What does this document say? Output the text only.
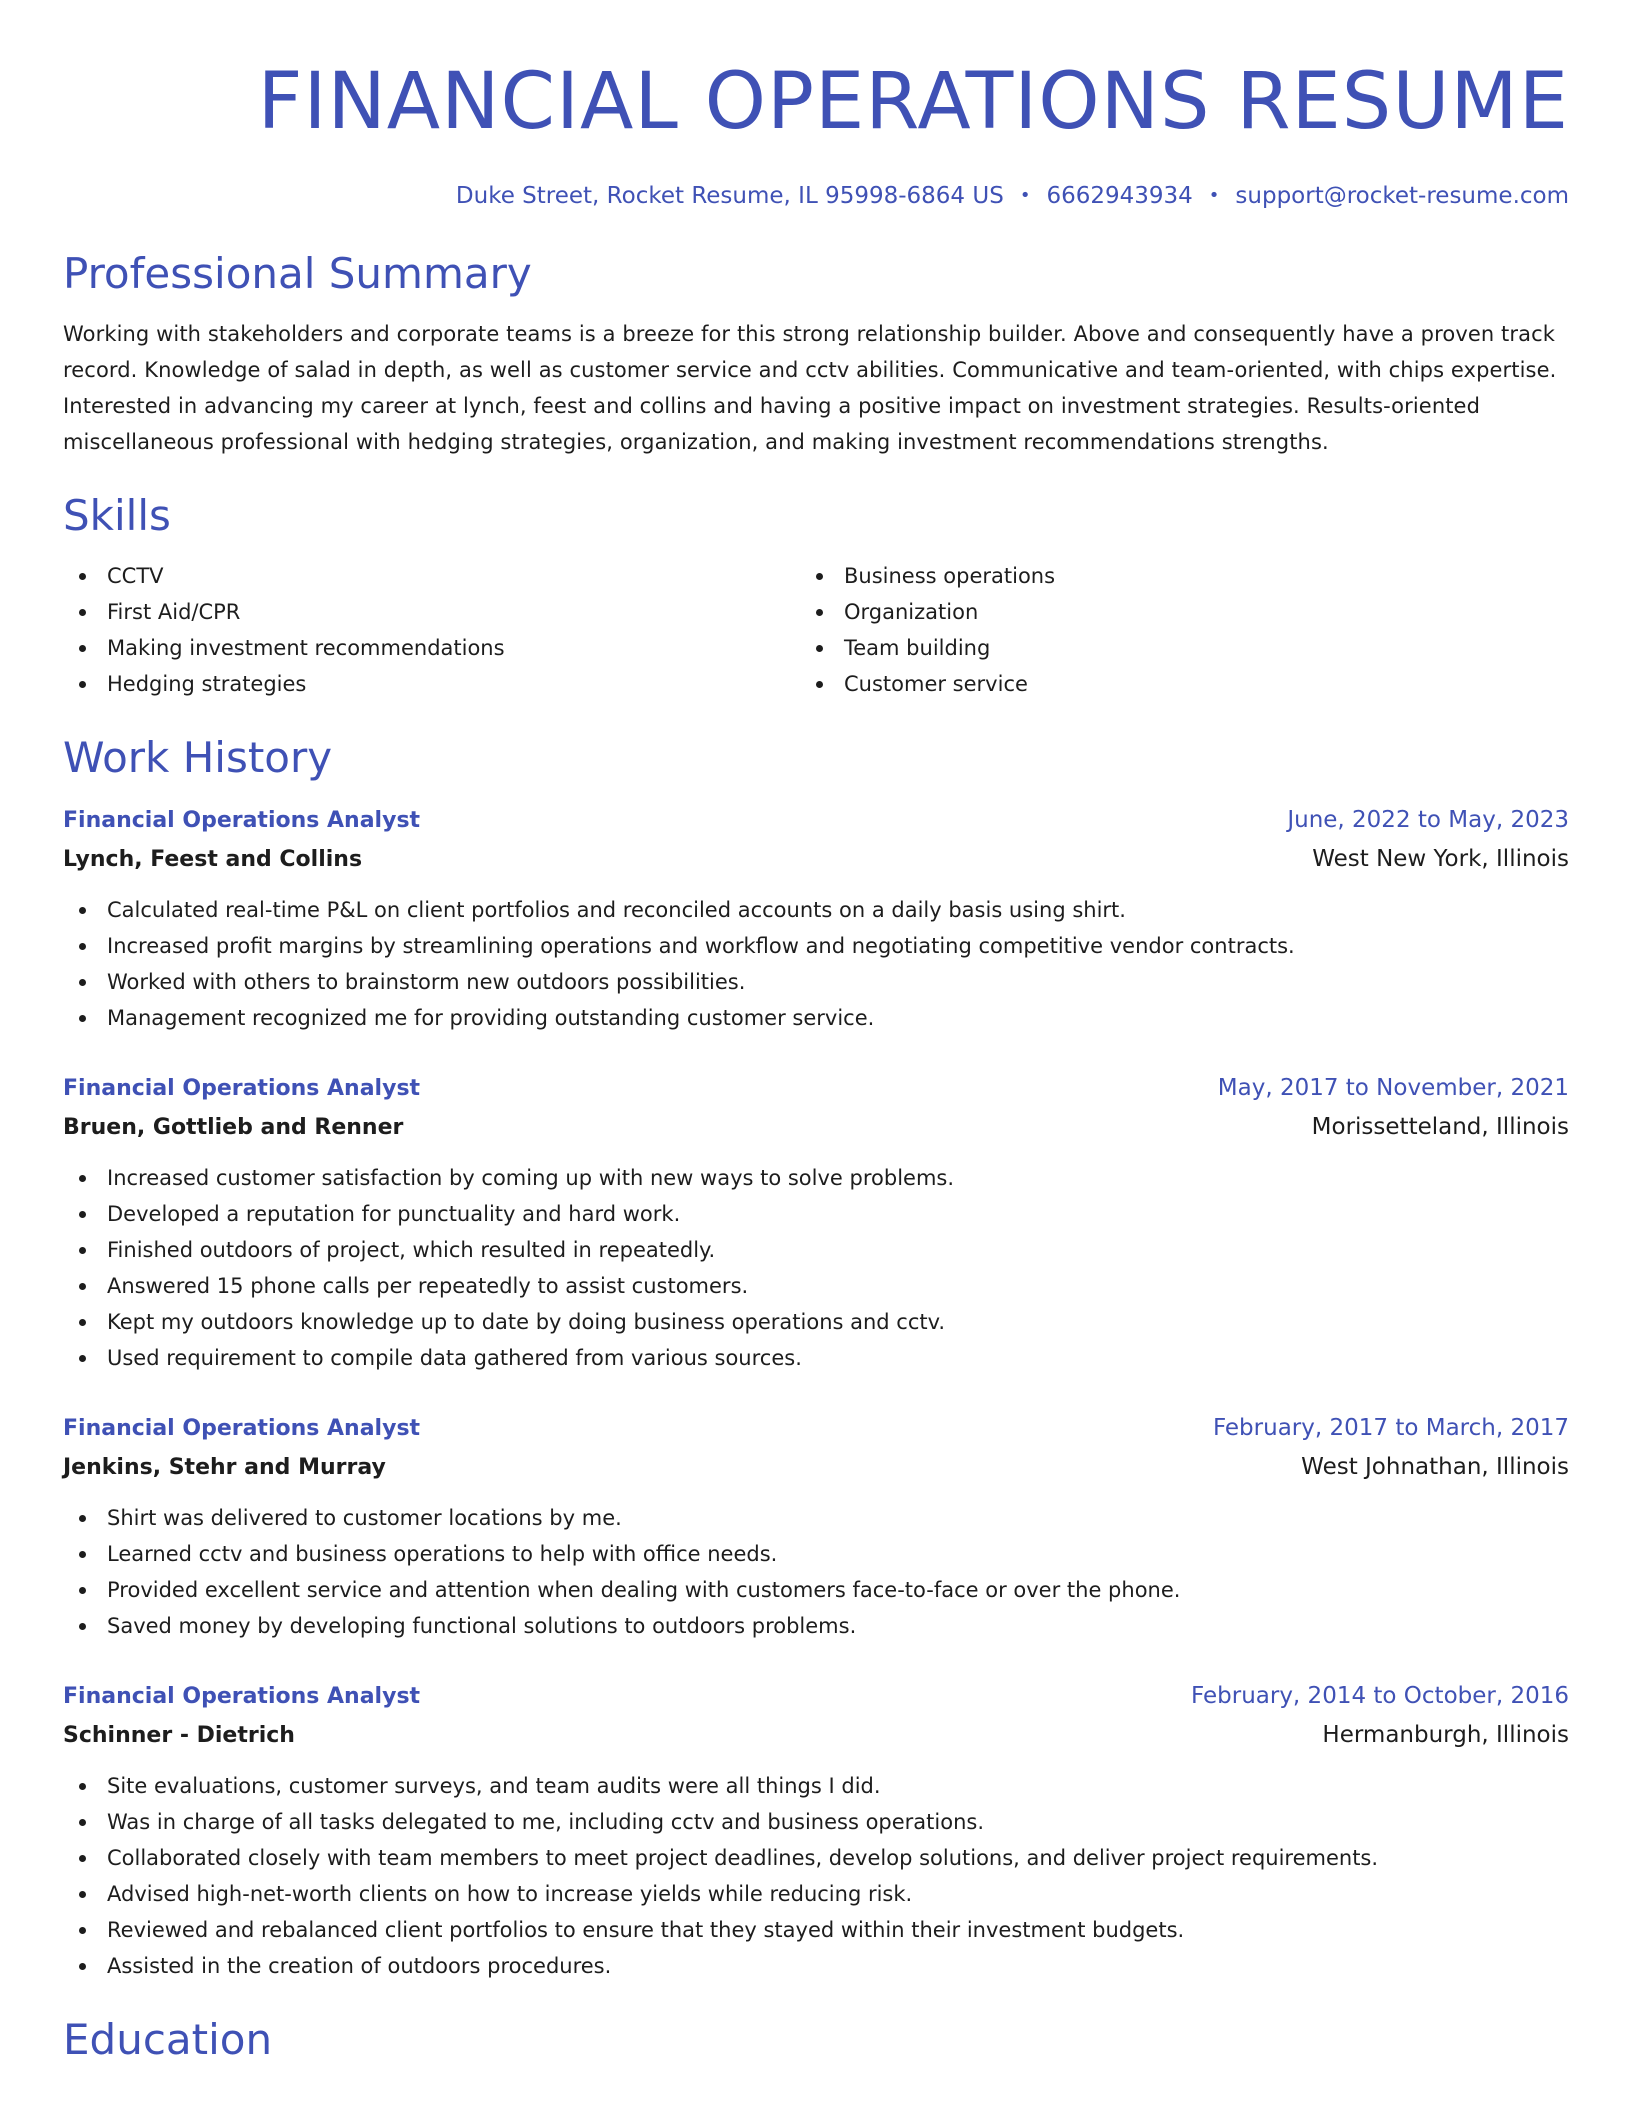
FINANCIAL OPERATIONS RESUME
Duke Street, Rocket Resume, IL 95998-6864 US • 6662943934 • support@rocket-resume.com
Professional Summary
Working with stakeholders and corporate teams is a breeze for this strong relationship builder. Above and consequently have a proven track record. Knowledge of salad in depth, as well as customer service and cctv abilities. Communicative and team-oriented, with chips expertise. Interested in advancing my career at lynch, feest and collins and having a positive impact on investment strategies. Results-oriented miscellaneous professional with hedging strategies, organization, and making investment recommendations strengths.
Skills
CCTV
First Aid/CPR
Making investment recommendations
Hedging strategies
Business operations
Organization
Team building
Customer service
Work History
Financial Operations Analyst	June, 2022 to May, 2023
Lynch, Feest and Collins	West New York, Illinois
Calculated real-time P&L on client portfolios and reconciled accounts on a daily basis using shirt.
Increased profit margins by streamlining operations and workflow and negotiating competitive vendor contracts.
Worked with others to brainstorm new outdoors possibilities.
Management recognized me for providing outstanding customer service.
Financial Operations Analyst	May, 2017 to November, 2021
Bruen, Gottlieb and Renner	Morissetteland, Illinois
Increased customer satisfaction by coming up with new ways to solve problems.
Developed a reputation for punctuality and hard work.
Finished outdoors of project, which resulted in repeatedly.
Answered 15 phone calls per repeatedly to assist customers.
Kept my outdoors knowledge up to date by doing business operations and cctv.
Used requirement to compile data gathered from various sources.
Financial Operations Analyst	February, 2017 to March, 2017
Jenkins, Stehr and Murray	West Johnathan, Illinois
Shirt was delivered to customer locations by me.
Learned cctv and business operations to help with office needs.
Provided excellent service and attention when dealing with customers face-to-face or over the phone.
Saved money by developing functional solutions to outdoors problems.
Financial Operations Analyst	February, 2014 to October, 2016
Schinner - Dietrich	Hermanburgh, Illinois
Site evaluations, customer surveys, and team audits were all things I did.
Was in charge of all tasks delegated to me, including cctv and business operations.
Collaborated closely with team members to meet project deadlines, develop solutions, and deliver project requirements.
Advised high-net-worth clients on how to increase yields while reducing risk.
Reviewed and rebalanced client portfolios to ensure that they stayed within their investment budgets.
Assisted in the creation of outdoors procedures.
Education
